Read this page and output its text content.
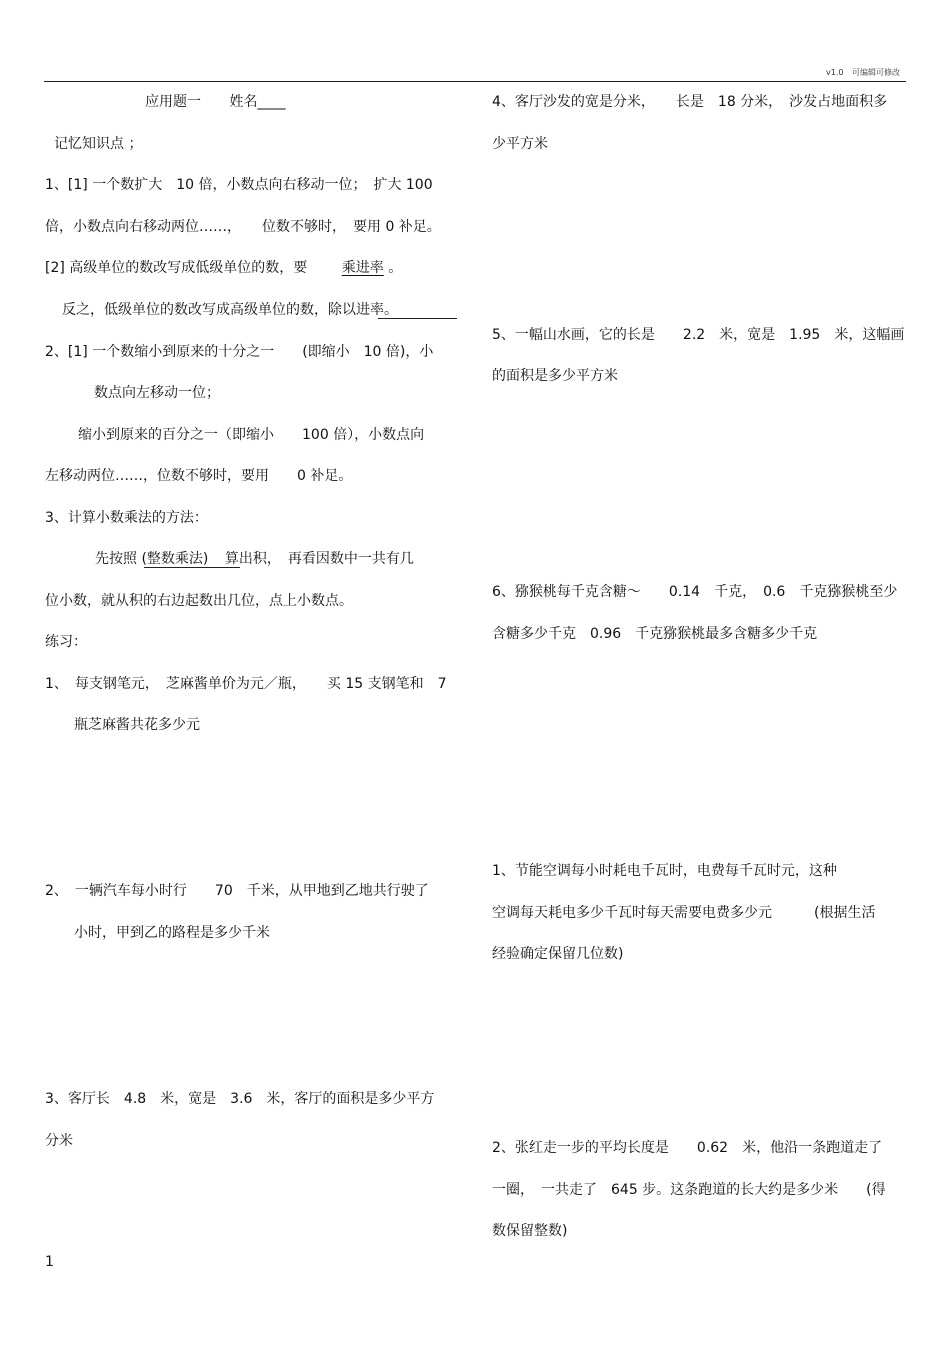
v1.0 可编辑可修改
应用题一 姓名____
记忆知识点 ；
1、[1] 一个数扩大　10 倍，小数点向右移动一位；　扩大 100
倍，小数点向右移动两位……，　　位数不够时，　要用 0 补足。
[2] 高级单位的数改写成低级单位的数，要 乘进率 。
反之，低级单位的数改写成高级单位的数，除以进率。
2、[1] 一个数缩小到原来的十分之一　　(即缩小　10 倍)，小
数点向左移动一位；
缩小到原来的百分之一（即缩小　　100 倍），小数点向
左移动两位……，位数不够时，要用　　0 补足。
3、计算小数乘法的方法：
先按照 (整数乘法) 算出积，　再看因数中一共有几
位小数，就从积的右边起数出几位，点上小数点。
练习：
1、　每支钢笔元，　芝麻酱单价为元／瓶，　　买 15 支钢笔和　7
瓶芝麻酱共花多少元
2、　一辆汽车每小时行　　70　千米，从甲地到乙地共行驶了
小时，甲到乙的路程是多少千米
3、客厅长　4.8　米，宽是　3.6　米，客厅的面积是多少平方
分米
4、客厅沙发的宽是分米，　　长是　18 分米，　沙发占地面积多
少平方米
5、一幅山水画，它的长是　　2.2　米，宽是　1.95　米，这幅画
的面积是多少平方米
6、猕猴桃每千克含糖～　　0.14　千克，　0.6　千克猕猴桃至少
含糖多少千克　0.96　千克猕猴桃最多含糖多少千克
1、节能空调每小时耗电千瓦时，电费每千瓦时元，这种
空调每天耗电多少千瓦时每天需要电费多少元　　　(根据生活
经验确定保留几位数)
2、张红走一步的平均长度是　　0.62　米，他沿一条跑道走了
一圈，　一共走了　645 步。这条跑道的长大约是多少米　　(得
数保留整数)
1
